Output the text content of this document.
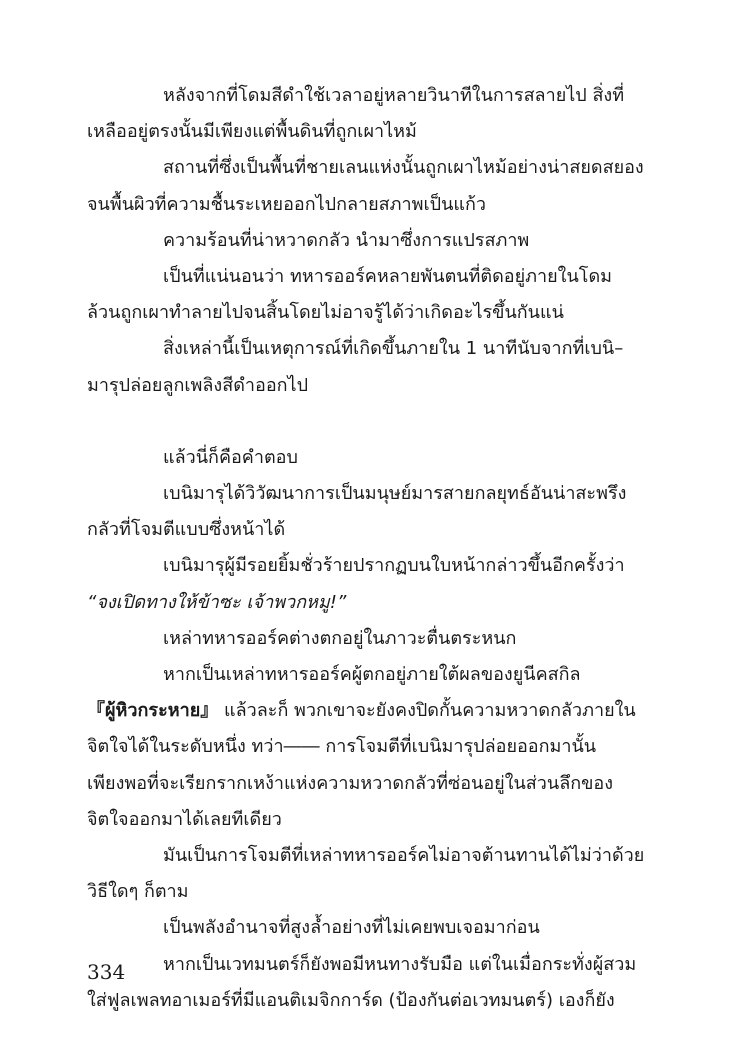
หลังจากที่โดมสีดำใช้เวลาอยู่หลายวินาทีในการสลายไป สิ่งที่

เหลืออยู่ตรงนั้นมีเพียงแต่พื้นดินที่ถูกเผาไหม้

สถานที่ซึ่งเป็นพื้นที่ชายเลนแห่งนั้นถูกเผาไหม้อย่างน่าสยดสยอง

จนพื้นผิวที่ความชื้นระเหยออกไปกลายสภาพเป็นแก้ว

ความร้อนที่น่าหวาดกลัว นำมาซึ่งการแปรสภาพ

เป็นที่แน่นอนว่า ทหารออร์คหลายพันตนที่ติดอยู่ภายในโดม

ล้วนถูกเผาทำลายไปจนสิ้นโดยไม่อาจรู้ได้ว่าเกิดอะไรขึ้นกันแน่

สิ่งเหล่านี้เป็นเหตุการณ์ที่เกิดขึ้นภายใน 1 นาทีนับจากที่เบนิ–

มารุปล่อยลูกเพลิงสีดำออกไป

แล้วนี่ก็คือคำตอบ

เบนิมารุได้วิวัฒนาการเป็นมนุษย์มารสายกลยุทธ์อันน่าสะพรึง

กลัวที่โจมตีแบบซึ่งหน้าได้

เบนิมารุผู้มีรอยยิ้มชั่วร้ายปรากฏบนใบหน้ากล่าวขึ้นอีกครั้งว่า

“จงเปิดทางให้ข้าซะ เจ้าพวกหมู!”

เหล่าทหารออร์คต่างตกอยู่ในภาวะตื่นตระหนก

หากเป็นเหล่าทหารออร์คผู้ตกอยู่ภายใต้ผลของยูนีคสกิล

『ผู้หิวกระหาย』 แล้วละก็ พวกเขาจะยังคงปิดกั้นความหวาดกลัวภายใน

จิตใจได้ในระดับหนึ่ง ทว่า―― การโจมตีที่เบนิมารุปล่อยออกมานั้น

เพียงพอที่จะเรียกรากเหง้าแห่งความหวาดกลัวที่ซ่อนอยู่ในส่วนลึกของ

จิตใจออกมาได้เลยทีเดียว

มันเป็นการโจมตีที่เหล่าทหารออร์คไม่อาจต้านทานได้ไม่ว่าด้วย

วิธีใดๆ ก็ตาม

เป็นพลังอำนาจที่สูงล้ำอย่างที่ไม่เคยพบเจอมาก่อน

หากเป็นเวทมนตร์ก็ยังพอมีหนทางรับมือ แต่ในเมื่อกระทั่งผู้สวม

ใส่ฟูลเพลทอาเมอร์ที่มีแอนติเมจิกการ์ด (ป้องกันต่อเวทมนตร์) เองก็ยัง

334
